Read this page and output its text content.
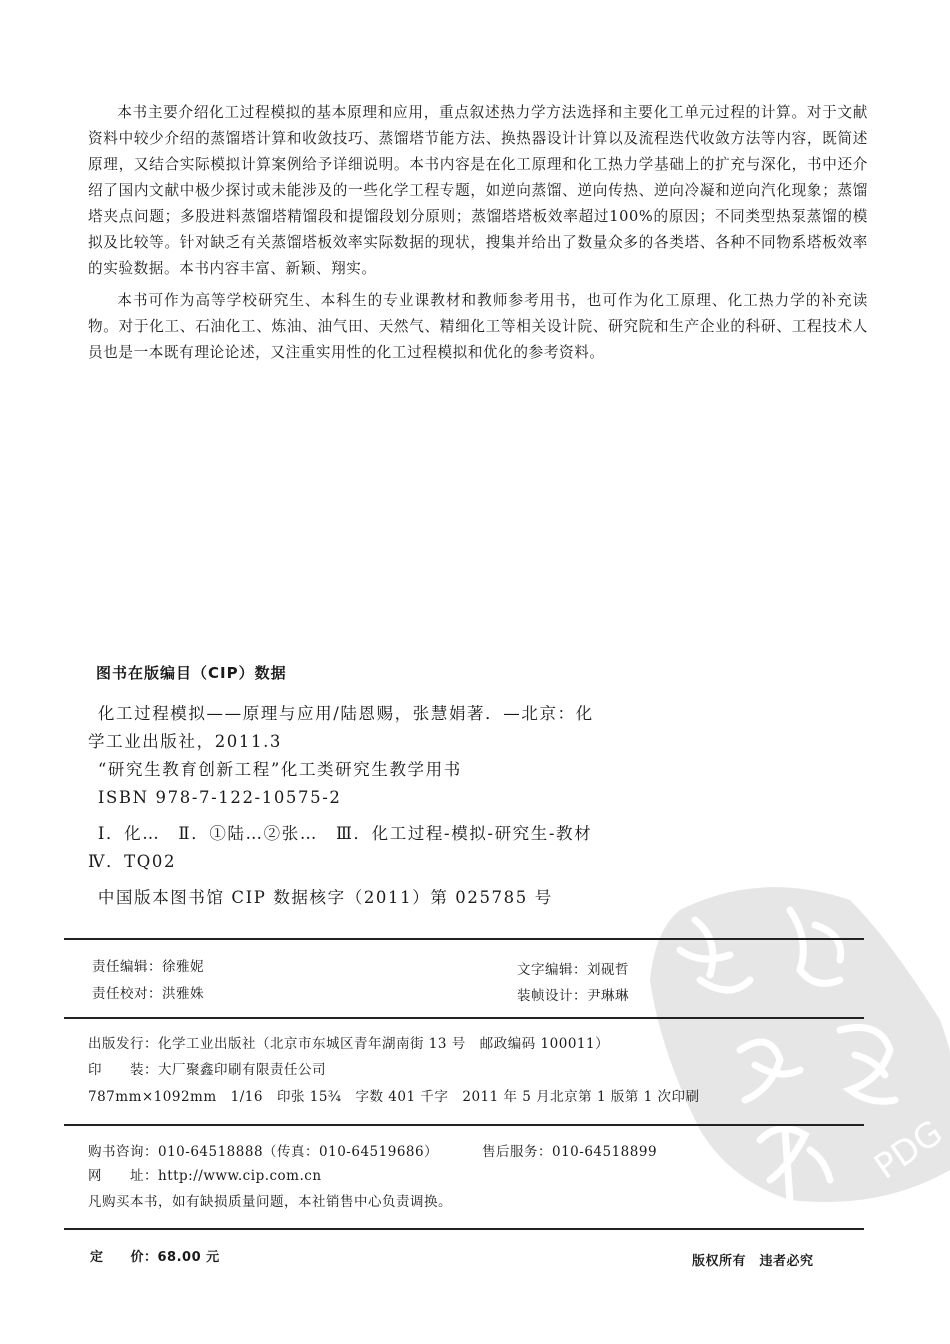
PDG

本书主要介绍化工过程模拟的基本原理和应用，重点叙述热力学方法选择和主要化工单元过程的计算。对于文献资料中较少介绍的蒸馏塔计算和收敛技巧、蒸馏塔节能方法、换热器设计计算以及流程迭代收敛方法等内容，既简述原理，又结合实际模拟计算案例给予详细说明。本书内容是在化工原理和化工热力学基础上的扩充与深化，书中还介绍了国内文献中极少探讨或未能涉及的一些化学工程专题，如逆向蒸馏、逆向传热、逆向冷凝和逆向汽化现象；蒸馏塔夹点问题；多股进料蒸馏塔精馏段和提馏段划分原则；蒸馏塔塔板效率超过100%的原因；不同类型热泵蒸馏的模拟及比较等。针对缺乏有关蒸馏塔板效率实际数据的现状，搜集并给出了数量众多的各类塔、各种不同物系塔板效率的实验数据。本书内容丰富、新颖、翔实。

本书可作为高等学校研究生、本科生的专业课教材和教师参考用书，也可作为化工原理、化工热力学的补充读物。对于化工、石油化工、炼油、油气田、天然气、精细化工等相关设计院、研究院和生产企业的科研、工程技术人员也是一本既有理论论述，又注重实用性的化工过程模拟和优化的参考资料。

图书在版编目（CIP）数据
化工过程模拟——原理与应用/陆恩赐，张慧娟著．—北京：化学工业出版社，2011.3
“研究生教育创新工程”化工类研究生教学用书
ISBN 978-7-122-10575-2
Ⅰ．化…　Ⅱ．①陆…②张…　Ⅲ．化工过程-模拟-研究生-教材　Ⅳ．TQ02
中国版本图书馆 CIP 数据核字（2011）第 025785 号
责任编辑：徐雅妮	文字编辑：刘砚哲
责任校对：洪雅姝	装帧设计：尹琳琳
出版发行：化学工业出版社（北京市东城区青年湖南街 13 号　邮政编码 100011）
印　　装：大厂聚鑫印刷有限责任公司
787mm×1092mm　1/16　印张 15¾　字数 401 千字　2011 年 5 月北京第 1 版第 1 次印刷
购书咨询：010-64518888（传真：010-64519686）	售后服务：010-64518899
网　　址：http://www.cip.com.cn
凡购买本书，如有缺损质量问题，本社销售中心负责调换。
定　　价：68.00 元	版权所有　违者必究
